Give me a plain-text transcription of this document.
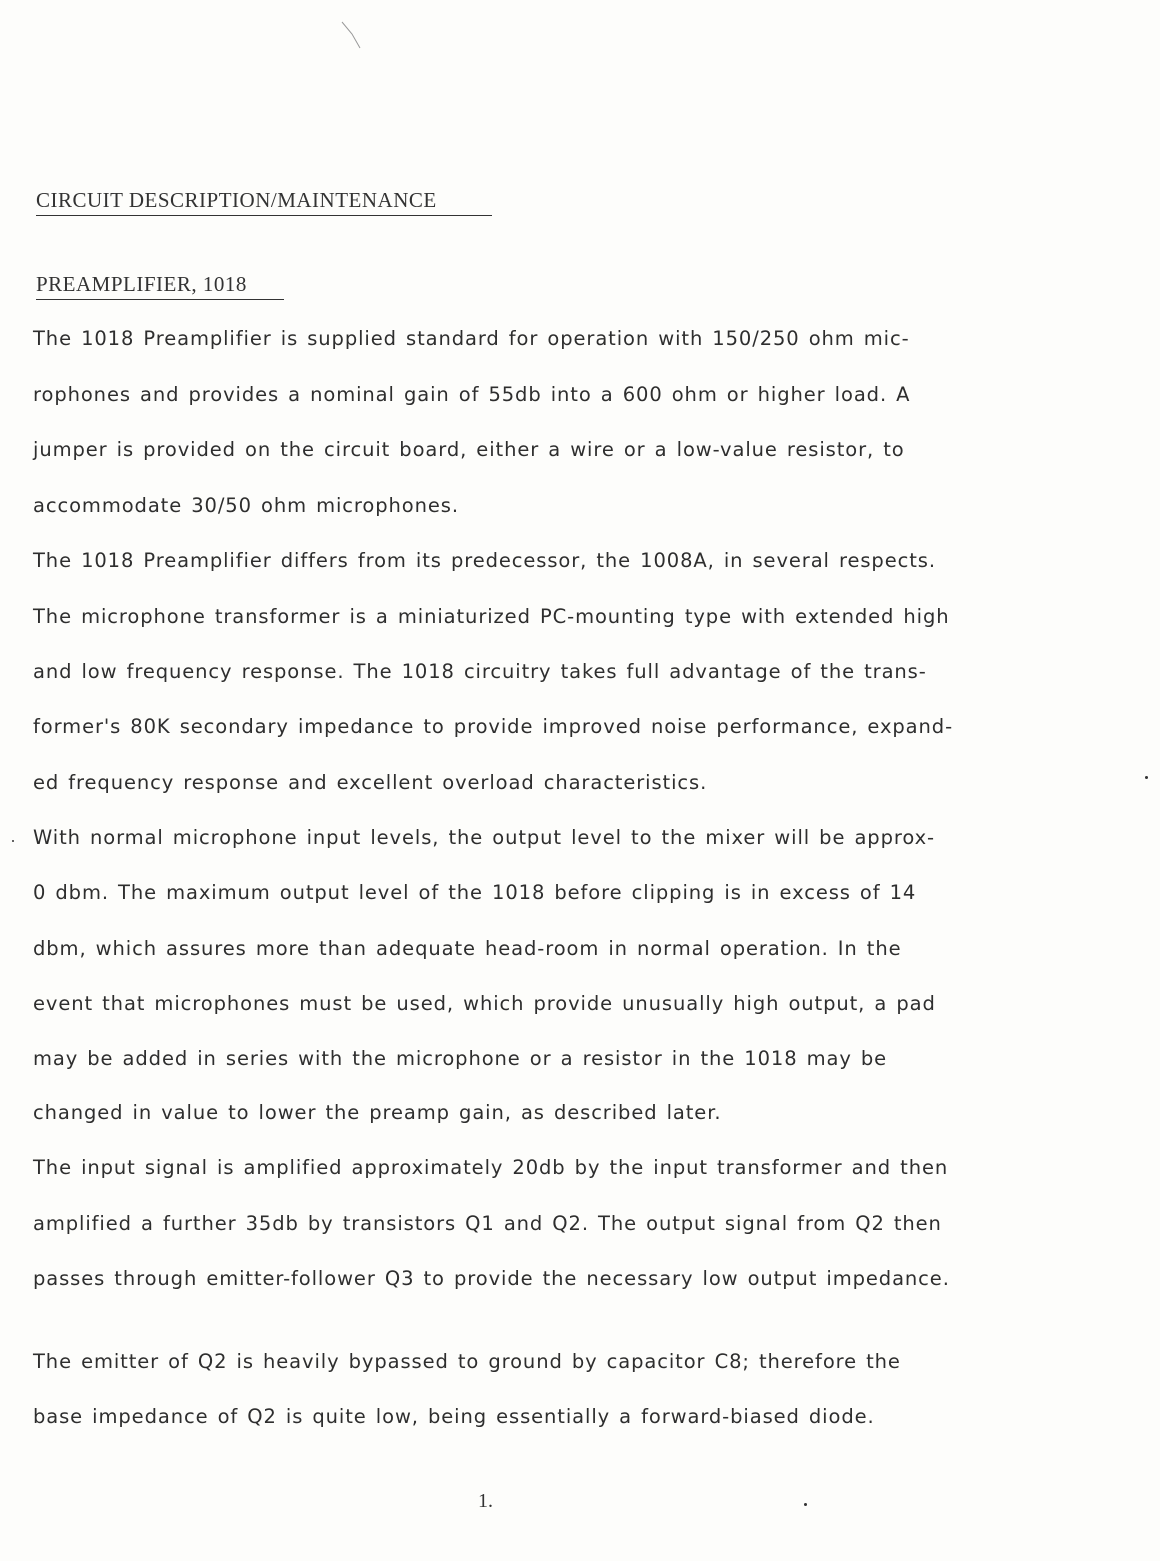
CIRCUIT DESCRIPTION/MAINTENANCE
PREAMPLIFIER, 1018
The 1018 Preamplifier is supplied standard for operation with 150/250 ohm mic-
rophones and provides a nominal gain of 55db into a 600 ohm or higher load. A
jumper is provided on the circuit board, either a wire or a low-value resistor, to
accommodate 30/50 ohm microphones.
The 1018 Preamplifier differs from its predecessor, the 1008A, in several respects.
The microphone transformer is a miniaturized PC-mounting type with extended high
and low frequency response. The 1018 circuitry takes full advantage of the trans-
former's 80K secondary impedance to provide improved noise performance, expand-
ed frequency response and excellent overload characteristics.
With normal microphone input levels, the output level to the mixer will be approx-
0 dbm. The maximum output level of the 1018 before clipping is in excess of 14
dbm, which assures more than adequate head-room in normal operation. In the
event that microphones must be used, which provide unusually high output, a pad
may be added in series with the microphone or a resistor in the 1018 may be
changed in value to lower the preamp gain, as described later.
The input signal is amplified approximately 20db by the input transformer and then
amplified a further 35db by transistors Q1 and Q2. The output signal from Q2 then
passes through emitter-follower Q3 to provide the necessary low output impedance.
The emitter of Q2 is heavily bypassed to ground by capacitor C8; therefore the
base impedance of Q2 is quite low, being essentially a forward-biased diode.
1.
